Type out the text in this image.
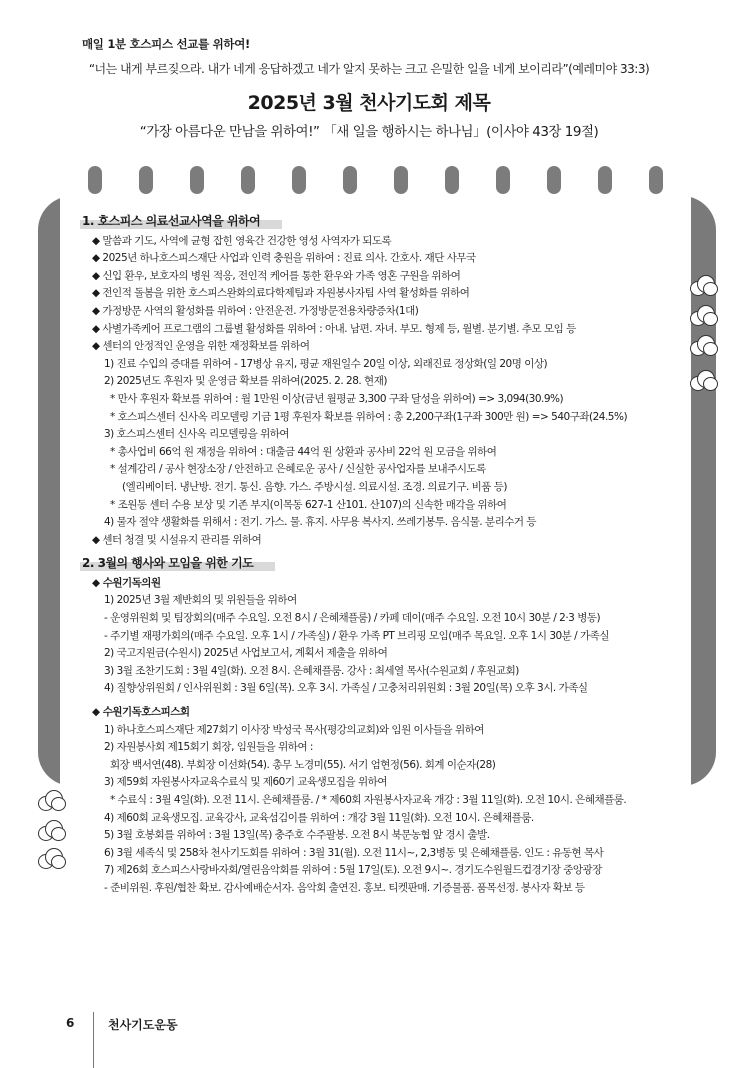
매일 1분 호스피스 선교를 위하여!
“너는 내게 부르짖으라. 내가 네게 응답하겠고 네가 알지 못하는 크고 은밀한 일을 네게 보이리라”(예레미야 33:3)
2025년 3월 천사기도회 제목
“가장 아름다운 만남을 위하여!” 「새 일을 행하시는 하나님」(이사야 43장 19절)
1. 호스피스 의료선교사역을 위하여
◆ 말씀과 기도, 사역에 균형 잡힌 영육간 건강한 영성 사역자가 되도록
◆ 2025년 하나호스피스재단 사업과 인력 충원을 위하여 : 진료 의사. 간호사. 재단 사무국
◆ 신입 환우, 보호자의 병원 적응, 전인적 케어를 통한 환우와 가족 영혼 구원을 위하여
◆ 전인적 돌봄을 위한 호스피스완화의료다학제팀과 자원봉사자팀 사역 활성화를 위하여
◆ 가정방문 사역의 활성화를 위하여 : 안전운전. 가정방문전용차량증차(1대)
◆ 사별가족케어 프로그램의 그룹별 활성화를 위하여 : 아내. 남편. 자녀. 부모. 형제 등, 월별. 분기별. 추모 모임 등
◆ 센터의 안정적인 운영을 위한 재정확보를 위하여
1) 진료 수입의 증대를 위하여 - 17병상 유지, 평균 재원일수 20일 이상, 외래진료 정상화(일 20명 이상)
2) 2025년도 후원자 및 운영금 확보를 위하여(2025. 2. 28. 현재)
* 만사 후원자 확보를 위하여 : 월 1만원 이상(금년 월평균 3,300 구좌 달성을 위하여) => 3,094(30.9%)
* 호스피스센터 신사옥 리모델링 기금 1평 후원자 확보를 위하여 : 총 2,200구좌(1구좌 300만 원) => 540구좌(24.5%)
3) 호스피스센터 신사옥 리모델링을 위하여
* 총사업비 66억 원 재정을 위하여 : 대출금 44억 원 상환과 공사비 22억 원 모금을 위하여
* 설계감리 / 공사 현장소장 / 안전하고 은혜로운 공사 / 신실한 공사업자를 보내주시도록
(엘리베이터. 냉난방. 전기. 통신. 음향. 가스. 주방시설. 의료시설. 조경. 의료기구. 비품 등)
* 조원동 센터 수용 보상 및 기존 부지(이목동 627-1 산101. 산107)의 신속한 매각을 위하여
4) 물자 절약 생활화를 위해서 : 전기. 가스. 물. 휴지. 사무용 복사지. 쓰레기봉투. 음식물. 분리수거 등
◆ 센터 청결 및 시설유지 관리를 위하여
2. 3월의 행사와 모임을 위한 기도
◆ 수원기독의원
1) 2025년 3월 제반회의 및 위원들을 위하여
- 운영위원회 및 팀장회의(매주 수요일. 오전 8시 / 은혜채플룸) / 카페 데이(매주 수요일. 오전 10시 30분 / 2·3 병동)
- 주기별 재평가회의(매주 수요일. 오후 1시 / 가족실) / 환우 가족 PT 브리핑 모임(매주 목요일. 오후 1시 30분 / 가족실
2) 국고지원금(수원시) 2025년 사업보고서, 계획서 제출을 위하여
3) 3월 조찬기도회 : 3월 4일(화). 오전 8시. 은혜채플룸. 강사 : 최세열 목사(수원교회 / 후원교회)
4) 질향상위원회 / 인사위원회 : 3월 6일(목). 오후 3시. 가족실 / 고충처리위원회 : 3월 20일(목) 오후 3시. 가족실
◆ 수원기독호스피스회
1) 하나호스피스재단 제27회기 이사장 박성국 목사(평강의교회)와 임원 이사들을 위하여
2) 자원봉사회 제15회기 회장, 임원들을 위하여 :
회장 백서연(48). 부회장 이선화(54). 총무 노경미(55). 서기 엄현정(56). 회계 이순자(28)
3) 제59회 자원봉사자교육수료식 및 제60기 교육생모집을 위하여
* 수료식 : 3월 4일(화). 오전 11시. 은혜채플룸. / * 제60회 자원봉사자교육 개강 : 3월 11일(화). 오전 10시. 은혜채플룸.
4) 제60회 교육생모집. 교육강사, 교육섬김이를 위하여 : 개강 3월 11일(화). 오전 10시. 은혜채플룸.
5) 3월 호봉회를 위하여 : 3월 13일(목) 충주호 수주팔봉. 오전 8시 북문농협 앞 경시 출발.
6) 3월 세족식 및 258차 천사기도회를 위하여 : 3월 31(월). 오전 11시~, 2,3병동 및 은혜채플룸. 인도 : 유동현 목사
7) 제26회 호스피스사랑바자회/열린음악회를 위하여 : 5월 17일(토). 오전 9시~. 경기도수원월드컵경기장 중앙광장
- 준비위원. 후원/협찬 확보. 감사예배순서자. 음악회 출연진. 홍보. 티켓판매. 기증물품. 품목선정. 봉사자 확보 등
6	천사기도운동
